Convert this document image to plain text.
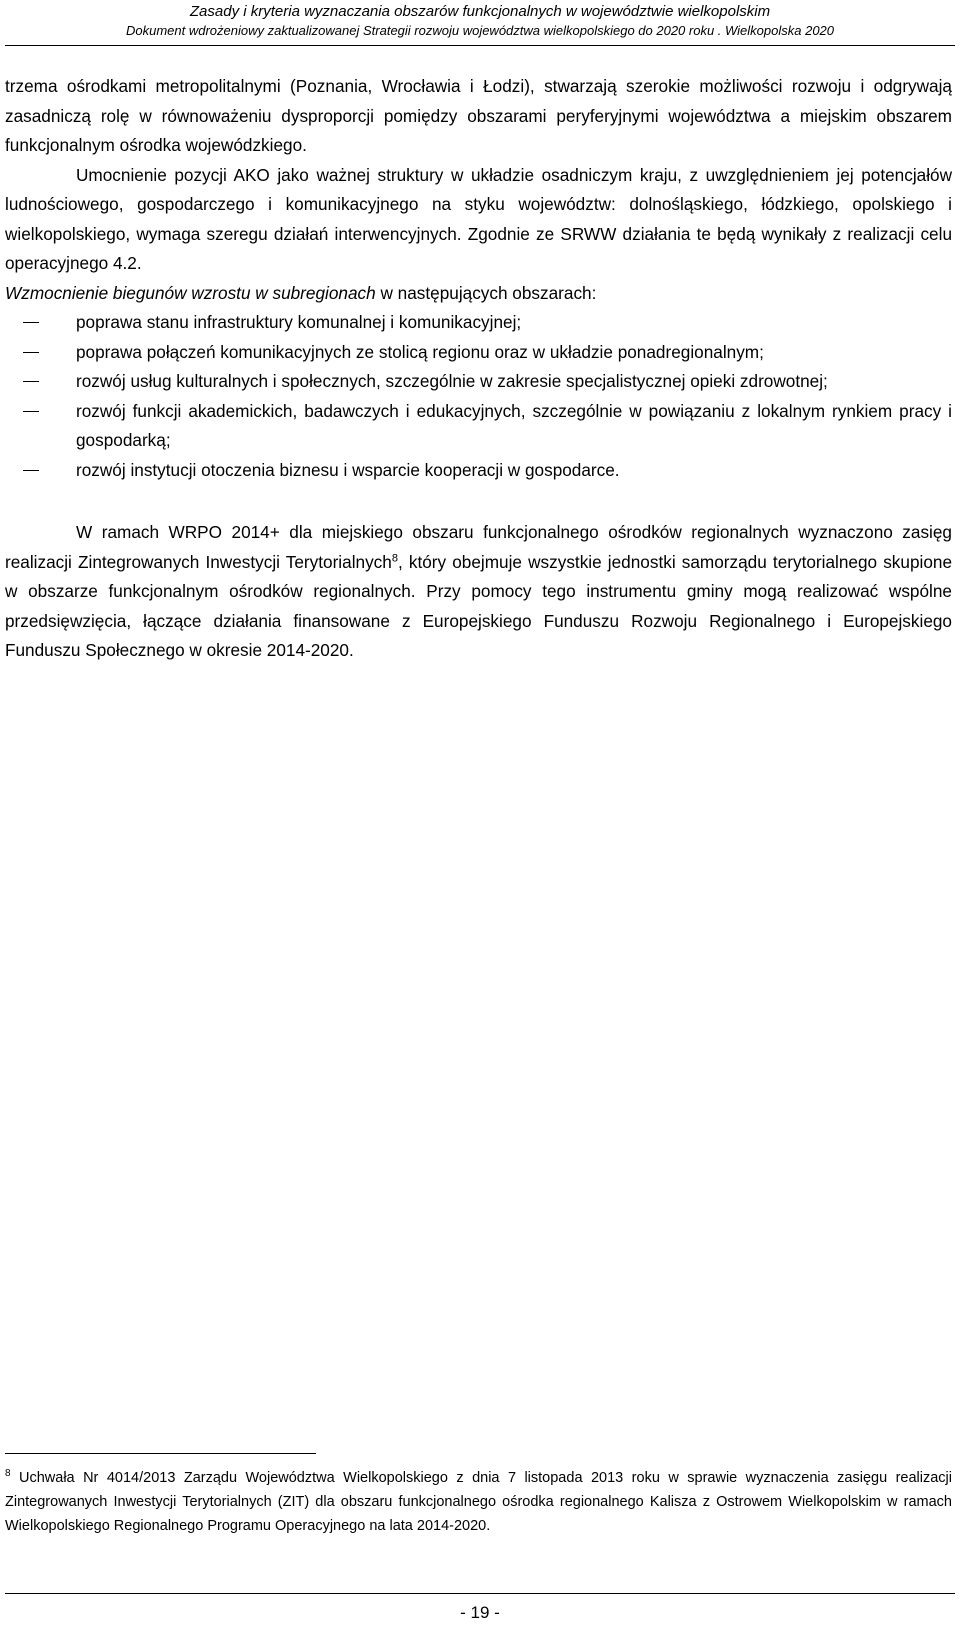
Zasady i kryteria wyznaczania obszarów funkcjonalnych w województwie wielkopolskim
Dokument wdrożeniowy zaktualizowanej Strategii rozwoju województwa wielkopolskiego do 2020 roku . Wielkopolska 2020

trzema ośrodkami metropolitalnymi (Poznania, Wrocławia i Łodzi), stwarzają szerokie możliwości rozwoju i odgrywają zasadniczą rolę w równoważeniu dysproporcji pomiędzy obszarami peryferyjnymi województwa a miejskim obszarem funkcjonalnym ośrodka wojewódzkiego.

Umocnienie pozycji AKO jako ważnej struktury w układzie osadniczym kraju, z uwzględnieniem jej potencjałów ludnościowego, gospodarczego i komunikacyjnego na styku województw: dolnośląskiego, łódzkiego, opolskiego i wielkopolskiego, wymaga szeregu działań interwencyjnych. Zgodnie ze SRWW działania te będą wynikały z realizacji celu operacyjnego 4.2.

Wzmocnienie biegunów wzrostu w subregionach w następujących obszarach:

poprawa stanu infrastruktury komunalnej i komunikacyjnej;
poprawa połączeń komunikacyjnych ze stolicą regionu oraz w układzie ponadregionalnym;
rozwój usług kulturalnych i społecznych, szczególnie w zakresie specjalistycznej opieki zdrowotnej;
rozwój funkcji akademickich, badawczych i edukacyjnych, szczególnie w powiązaniu z lokalnym rynkiem pracy i gospodarką;
rozwój instytucji otoczenia biznesu i wsparcie kooperacji w gospodarce.

W ramach WRPO 2014+ dla miejskiego obszaru funkcjonalnego ośrodków regionalnych wyznaczono zasięg realizacji Zintegrowanych Inwestycji Terytorialnych$^8$, który obejmuje wszystkie jednostki samorządu terytorialnego skupione w obszarze funkcjonalnym ośrodków regionalnych. Przy pomocy tego instrumentu gminy mogą realizować wspólne przedsięwzięcia, łączące działania finansowane z Europejskiego Funduszu Rozwoju Regionalnego i Europejskiego Funduszu Społecznego w okresie 2014-2020.

$^8$ Uchwała Nr 4014/2013 Zarządu Województwa Wielkopolskiego z dnia 7 listopada 2013 roku w sprawie wyznaczenia zasięgu realizacji Zintegrowanych Inwestycji Terytorialnych (ZIT) dla obszaru funkcjonalnego ośrodka regionalnego Kalisza z Ostrowem Wielkopolskim w ramach Wielkopolskiego Regionalnego Programu Operacyjnego na lata 2014-2020.
- 19 -
